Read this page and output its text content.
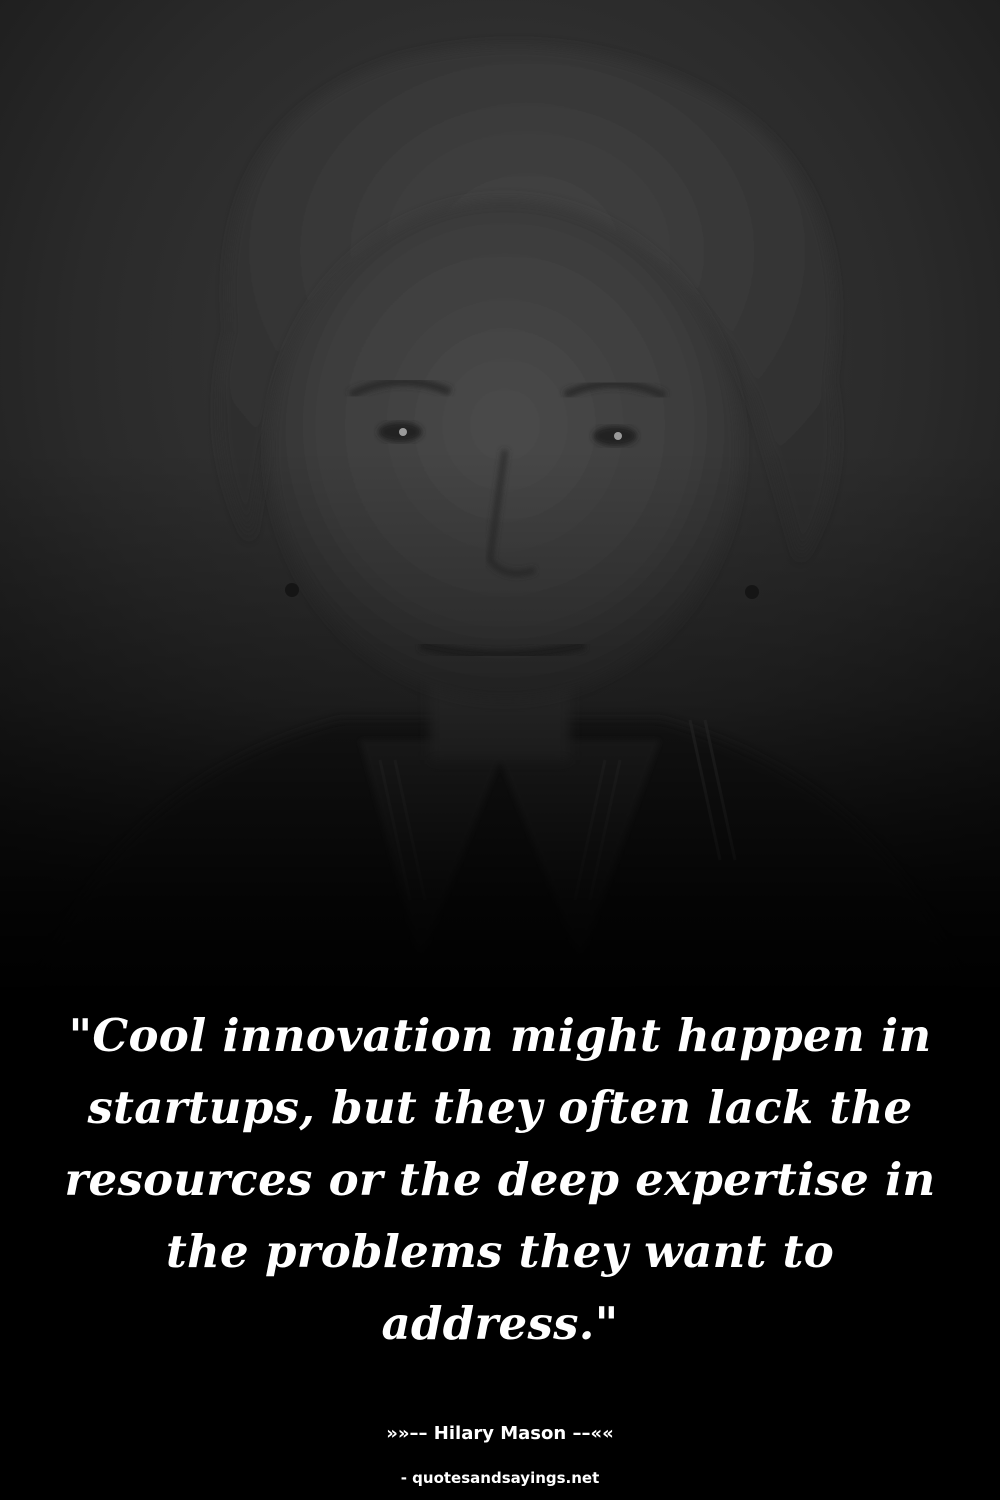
"Cool innovation might happen in startups, but they often lack the resources or the deep expertise in the problems they want to address."

»»–– Hilary Mason ––««
- quotesandsayings.net
